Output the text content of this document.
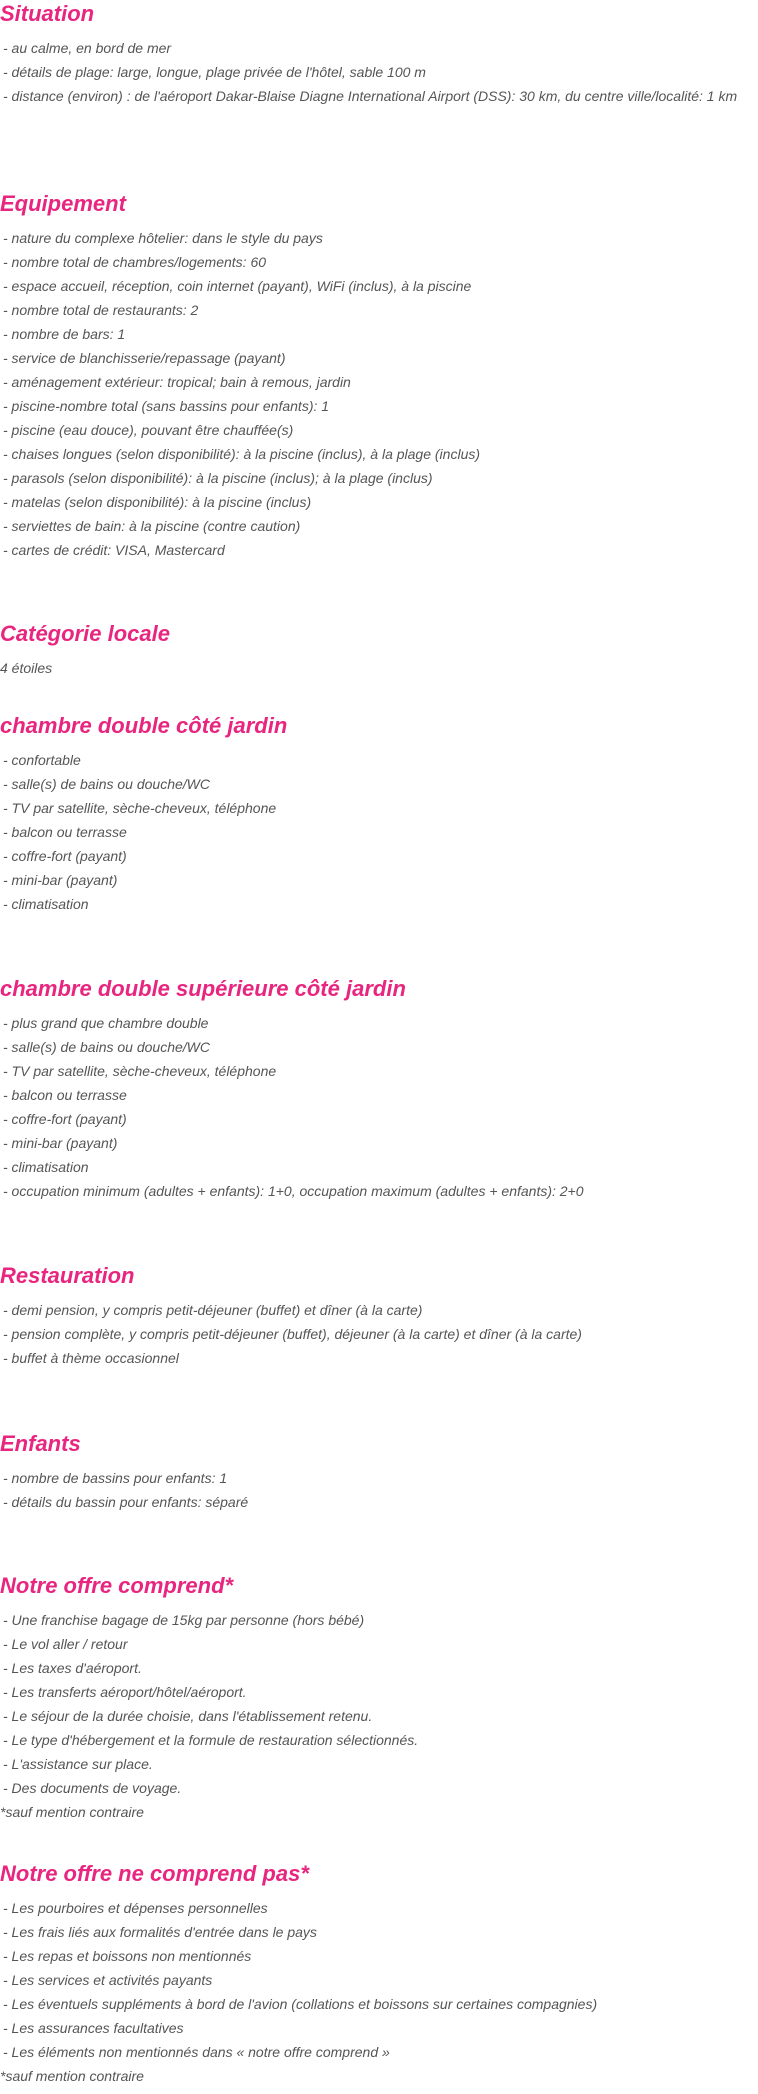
Situation
- au calme, en bord de mer
- détails de plage: large, longue, plage privée de l'hôtel, sable 100 m
- distance (environ) : de l'aéroport Dakar-Blaise Diagne International Airport (DSS): 30 km, du centre ville/localité: 1 km
Equipement
- nature du complexe hôtelier: dans le style du pays
- nombre total de chambres/logements: 60
- espace accueil, réception, coin internet (payant), WiFi (inclus), à la piscine
- nombre total de restaurants: 2
- nombre de bars: 1
- service de blanchisserie/repassage (payant)
- aménagement extérieur: tropical; bain à remous, jardin
- piscine-nombre total (sans bassins pour enfants): 1
- piscine (eau douce), pouvant être chauffée(s)
- chaises longues (selon disponibilité): à la piscine (inclus), à la plage (inclus)
- parasols (selon disponibilité): à la piscine (inclus); à la plage (inclus)
- matelas (selon disponibilité): à la piscine (inclus)
- serviettes de bain: à la piscine (contre caution)
- cartes de crédit: VISA, Mastercard
Catégorie locale
4 étoiles
chambre double côté jardin
- confortable
- salle(s) de bains ou douche/WC
- TV par satellite, sèche-cheveux, téléphone
- balcon ou terrasse
- coffre-fort (payant)
- mini-bar (payant)
- climatisation
chambre double supérieure côté jardin
- plus grand que chambre double
- salle(s) de bains ou douche/WC
- TV par satellite, sèche-cheveux, téléphone
- balcon ou terrasse
- coffre-fort (payant)
- mini-bar (payant)
- climatisation
- occupation minimum (adultes + enfants): 1+0, occupation maximum (adultes + enfants): 2+0
Restauration
- demi pension, y compris petit-déjeuner (buffet) et dîner (à la carte)
- pension complète, y compris petit-déjeuner (buffet), déjeuner (à la carte) et dîner (à la carte)
- buffet à thème occasionnel
Enfants
- nombre de bassins pour enfants: 1
- détails du bassin pour enfants: séparé
Notre offre comprend*
- Une franchise bagage de 15kg par personne (hors bébé)
- Le vol aller / retour
- Les taxes d'aéroport.
- Les transferts aéroport/hôtel/aéroport.
- Le séjour de la durée choisie, dans l'établissement retenu.
- Le type d'hébergement et la formule de restauration sélectionnés.
- L'assistance sur place.
- Des documents de voyage.
*sauf mention contraire
Notre offre ne comprend pas*
- Les pourboires et dépenses personnelles
- Les frais liés aux formalités d'entrée dans le pays
- Les repas et boissons non mentionnés
- Les services et activités payants
- Les éventuels suppléments à bord de l'avion (collations et boissons sur certaines compagnies)
- Les assurances facultatives
- Les éléments non mentionnés dans « notre offre comprend »
*sauf mention contraire
